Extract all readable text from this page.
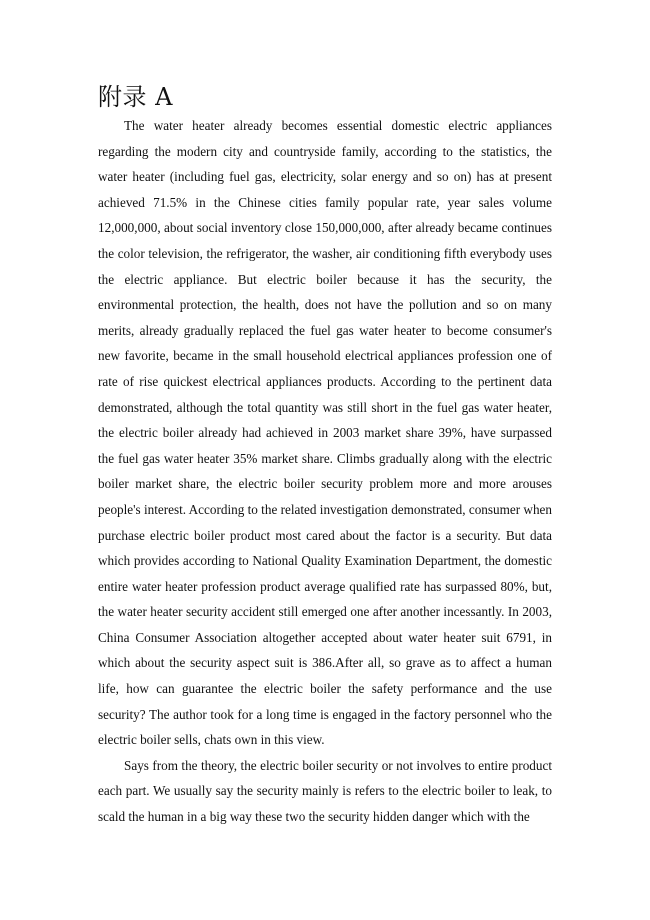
附录 A

The water heater already becomes essential domestic electric appliances regarding the modern city and countryside family, according to the statistics, the water heater (including fuel gas, electricity, solar energy and so on) has at present achieved 71.5% in the Chinese cities family popular rate, year sales volume 12,000,000, about social inventory close 150,000,000, after already became continues the color television, the refrigerator, the washer, air conditioning fifth everybody uses the electric appliance. But electric boiler because it has the security, the environmental protection, the health, does not have the pollution and so on many merits, already gradually replaced the fuel gas water heater to become consumer's new favorite, became in the small household electrical appliances profession one of rate of rise quickest electrical appliances products. According to the pertinent data demonstrated, although the total quantity was still short in the fuel gas water heater, the electric boiler already had achieved in 2003 market share 39%, have surpassed the fuel gas water heater 35% market share. Climbs gradually along with the electric boiler market share, the electric boiler security problem more and more arouses people's interest. According to the related investigation demonstrated, consumer when purchase electric boiler product most cared about the factor is a security. But data which provides according to National Quality Examination Department, the domestic entire water heater profession product average qualified rate has surpassed 80%, but, the water heater security accident still emerged one after another incessantly. In 2003, China Consumer Association altogether accepted about water heater suit 6791, in which about the security aspect suit is 386.After all, so grave as to affect a human life, how can guarantee the electric boiler the safety performance and the use security? The author took for a long time is engaged in the factory personnel who the electric boiler sells, chats own in this view.

Says from the theory, the electric boiler security or not involves to entire product each part. We usually say the security mainly is refers to the electric boiler to leak, to scald the human in a big way these two the security hidden danger which with the
